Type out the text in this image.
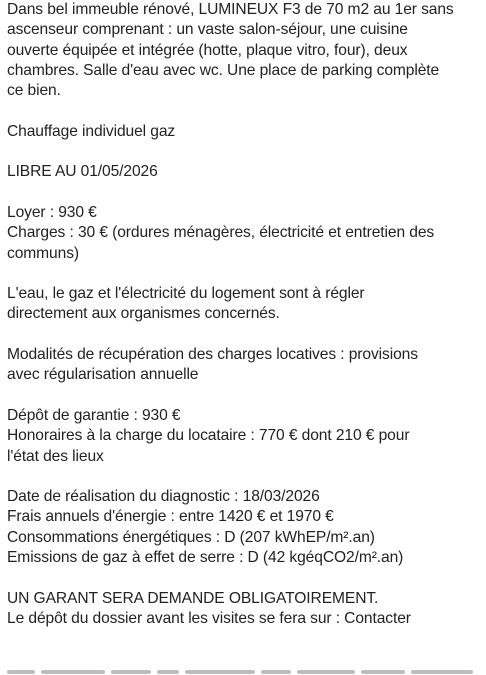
Dans bel immeuble rénové, LUMINEUX F3 de 70 m2 au 1er sans
ascenseur comprenant : un vaste salon-séjour, une cuisine
ouverte équipée et intégrée (hotte, plaque vitro, four), deux
chambres. Salle d'eau avec wc. Une place de parking complète
ce bien.

Chauffage individuel gaz

LIBRE AU 01/05/2026

Loyer : 930 €
Charges : 30 € (ordures ménagères, électricité et entretien des
communs)

L'eau, le gaz et l'électricité du logement sont à régler
directement aux organismes concernés.

Modalités de récupération des charges locatives : provisions
avec régularisation annuelle

Dépôt de garantie : 930 €
Honoraires à la charge du locataire : 770 € dont 210 € pour
l'état des lieux

Date de réalisation du diagnostic : 18/03/2026
Frais annuels d'énergie : entre 1420 € et 1970 €
Consommations énergétiques : D (207 kWhEP/m².an)
Emissions de gaz à effet de serre : D (42 kgéqCO2/m².an)

UN GARANT SERA DEMANDE OBLIGATOIREMENT.
Le dépôt du dossier avant les visites se fera sur : Contacter
